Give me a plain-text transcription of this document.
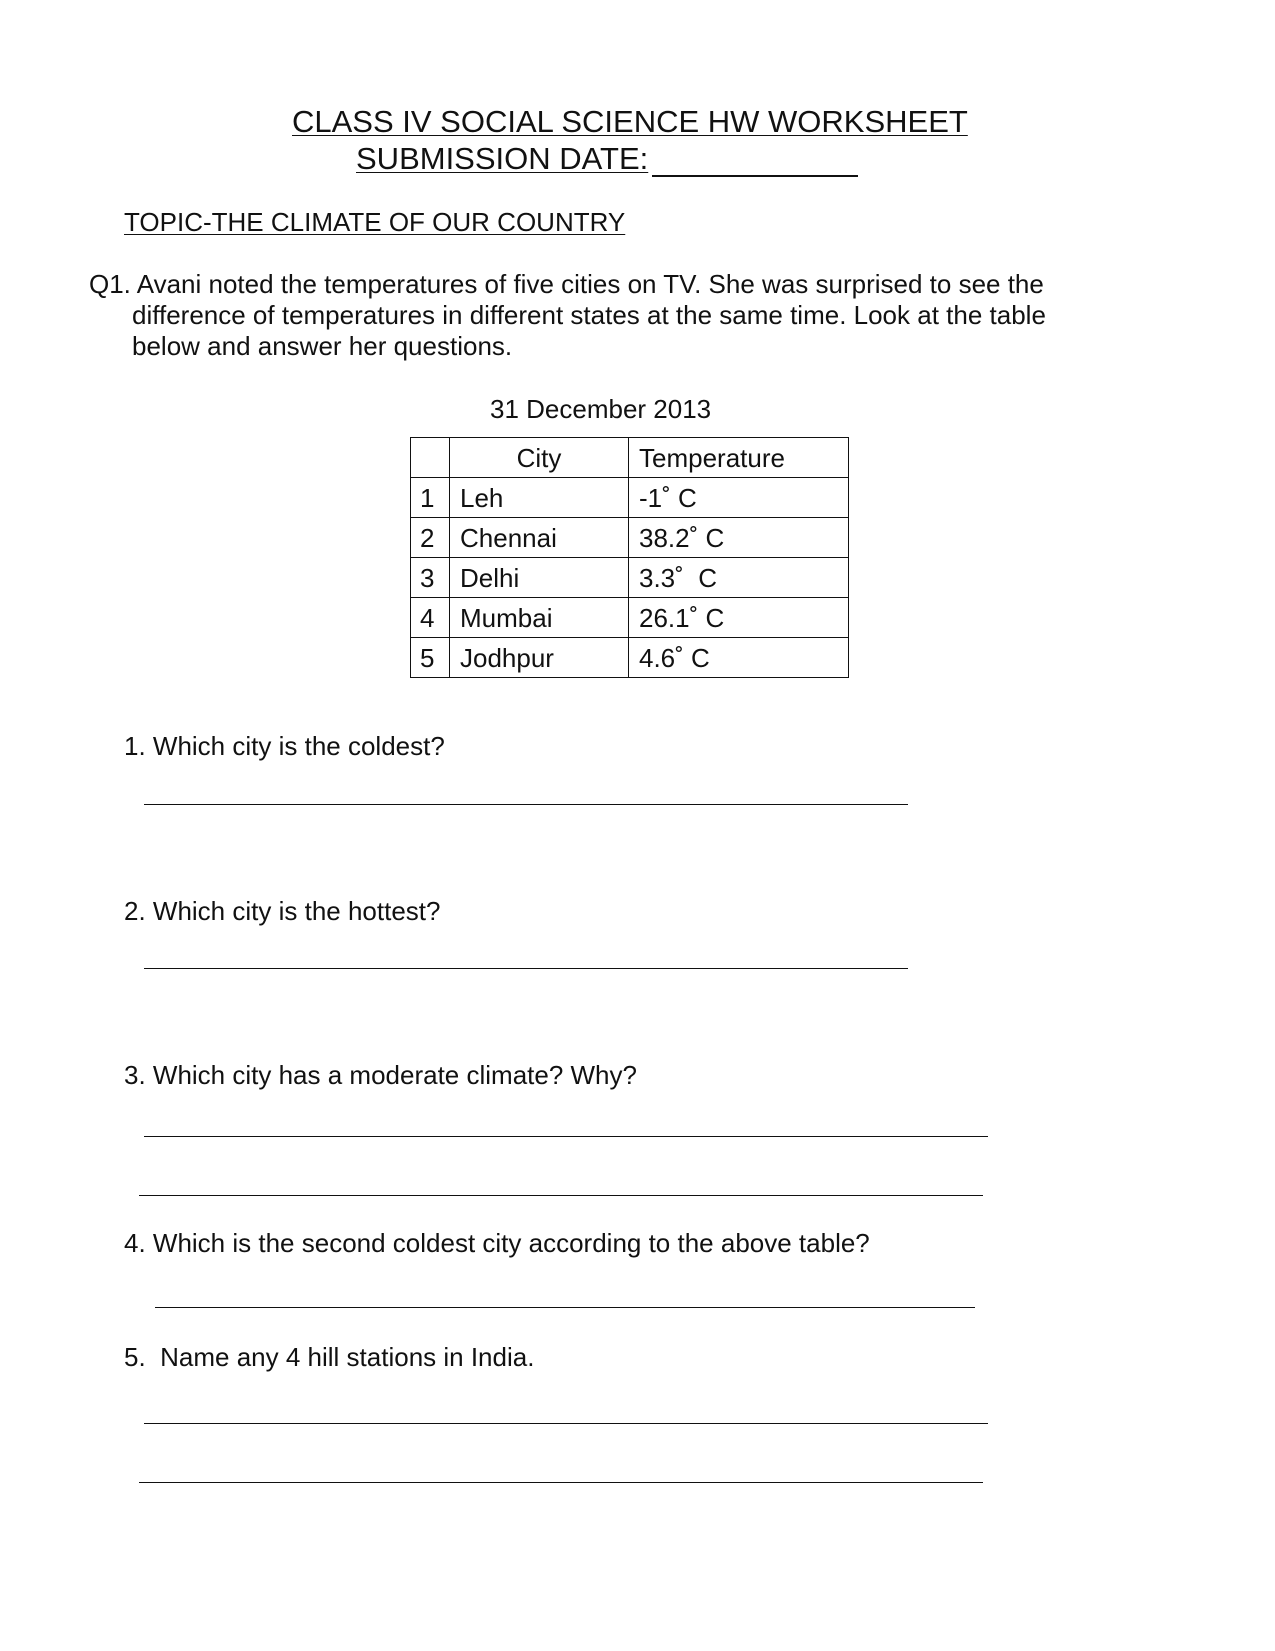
CLASS IV SOCIAL SCIENCE HW WORKSHEET
SUBMISSION DATE:
TOPIC-THE CLIMATE OF OUR COUNTRY
Q1. Avani noted the temperatures of five cities on TV. She was surprised to see the
difference of temperatures in different states at the same time. Look at the table
below and answer her questions.
31 December 2013
	City	Temperature
1	Leh	-1˚ C
2	Chennai	38.2˚ C
3	Delhi	3.3˚  C
4	Mumbai	26.1˚ C
5	Jodhpur	4.6˚ C
1. Which city is the coldest?
2. Which city is the hottest?
3. Which city has a moderate climate? Why?
4. Which is the second coldest city according to the above table?
5.  Name any 4 hill stations in India.
